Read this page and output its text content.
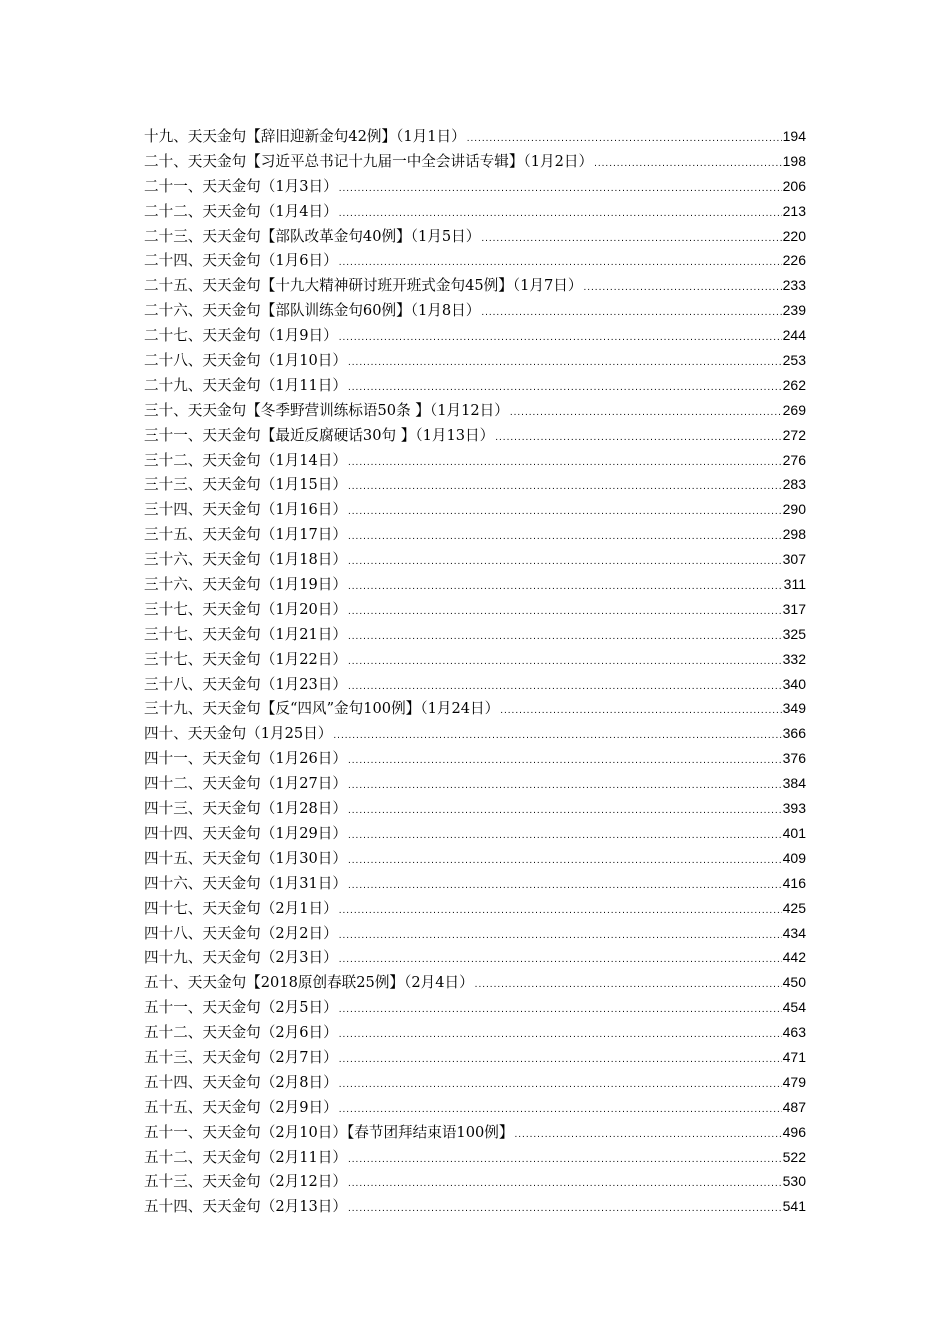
十九、天天金句【辞旧迎新金句42例】（1月1日） .....	194
二十、天天金句【习近平总书记十九届一中全会讲话专辑】（1月2日） .....	198
二十一、天天金句（1月3日） .....	206
二十二、天天金句（1月4日） .....	213
二十三、天天金句【部队改革金句40例】（1月5日） .....	220
二十四、天天金句（1月6日） .....	226
二十五、天天金句【十九大精神研讨班开班式金句45例】（1月7日） .....	233
二十六、天天金句【部队训练金句60例】（1月8日） .....	239
二十七、天天金句（1月9日） .....	244
二十八、天天金句（1月10日） .....	253
二十九、天天金句（1月11日） .....	262
三十、天天金句【冬季野营训练标语50条 】（1月12日） .....	269
三十一、天天金句【最近反腐硬话30句 】（1月13日） .....	272
三十二、天天金句（1月14日） .....	276
三十三、天天金句（1月15日） .....	283
三十四、天天金句（1月16日） .....	290
三十五、天天金句（1月17日） .....	298
三十六、天天金句（1月18日） .....	307
三十六、天天金句（1月19日） .....	311
三十七、天天金句（1月20日） .....	317
三十七、天天金句（1月21日） .....	325
三十七、天天金句（1月22日） .....	332
三十八、天天金句（1月23日） .....	340
三十九、天天金句【反“四风”金句100例】（1月24日） .....	349
四十、天天金句（1月25日） .....	366
四十一、天天金句（1月26日） .....	376
四十二、天天金句（1月27日） .....	384
四十三、天天金句（1月28日） .....	393
四十四、天天金句（1月29日） .....	401
四十五、天天金句（1月30日） .....	409
四十六、天天金句（1月31日） .....	416
四十七、天天金句（2月1日） .....	425
四十八、天天金句（2月2日） .....	434
四十九、天天金句（2月3日） .....	442
五十、天天金句【2018原创春联25例】（2月4日） .....	450
五十一、天天金句（2月5日） .....	454
五十二、天天金句（2月6日） .....	463
五十三、天天金句（2月7日） .....	471
五十四、天天金句（2月8日） .....	479
五十五、天天金句（2月9日） .....	487
五十一、天天金句（2月10日）【春节团拜结束语100例】 .....	496
五十二、天天金句（2月11日） .....	522
五十三、天天金句（2月12日） .....	530
五十四、天天金句（2月13日） .....	541
